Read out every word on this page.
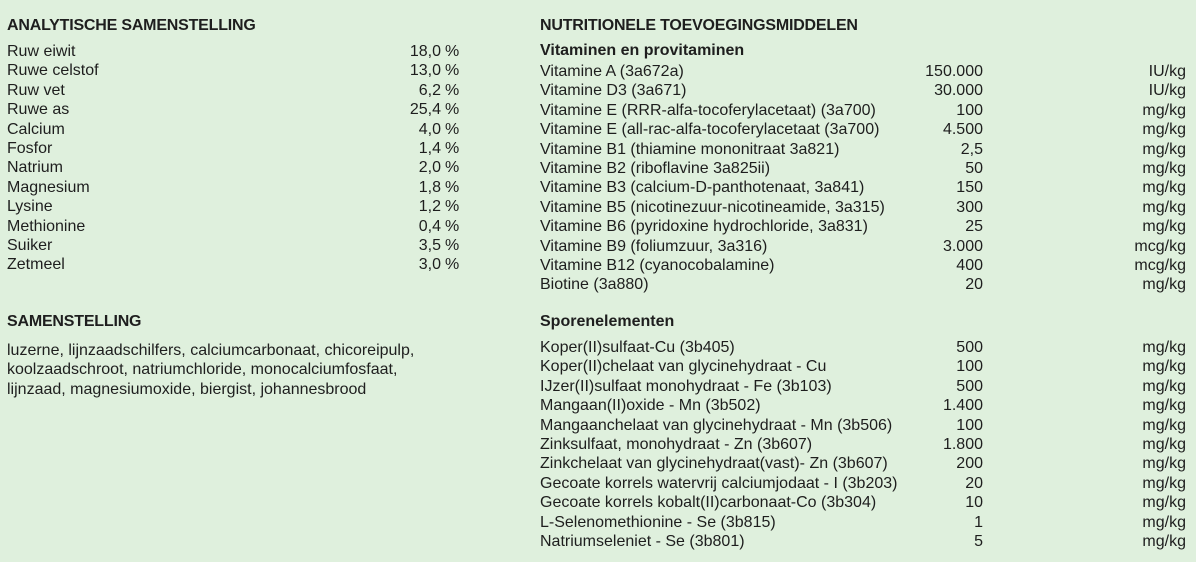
ANALYTISCHE SAMENSTELLING
Ruw eiwit	18,0 %
Ruwe celstof	13,0 %
Ruw vet	6,2 %
Ruwe as	25,4 %
Calcium	4,0 %
Fosfor	1,4 %
Natrium	2,0 %
Magnesium	1,8 %
Lysine	1,2 %
Methionine	0,4 %
Suiker	3,5 %
Zetmeel	3,0 %
SAMENSTELLING
luzerne, lijnzaadschilfers, calciumcarbonaat, chicoreipulp, koolzaadschroot, natriumchloride, monocalciumfosfaat, lijnzaad, magnesiumoxide, biergist, johannesbrood
NUTRITIONELE TOEVOEGINGSMIDDELEN
Vitaminen en provitaminen
Vitamine A (3a672a)	150.000	IU/kg
Vitamine D3 (3a671)	30.000	IU/kg
Vitamine E (RRR-alfa-tocoferylacetaat) (3a700)	100	mg/kg
Vitamine E (all-rac-alfa-tocoferylacetaat (3a700)	4.500	mg/kg
Vitamine B1 (thiamine mononitraat 3a821)	2,5	mg/kg
Vitamine B2 (riboflavine 3a825ii)	50	mg/kg
Vitamine B3 (calcium-D-panthotenaat, 3a841)	150	mg/kg
Vitamine B5 (nicotinezuur-nicotineamide, 3a315)	300	mg/kg
Vitamine B6 (pyridoxine hydrochloride, 3a831)	25	mg/kg
Vitamine B9 (foliumzuur, 3a316)	3.000	mcg/kg
Vitamine B12 (cyanocobalamine)	400	mcg/kg
Biotine (3a880)	20	mg/kg
Sporenelementen
Koper(II)sulfaat-Cu (3b405)	500	mg/kg
Koper(II)chelaat van glycinehydraat - Cu	100	mg/kg
IJzer(II)sulfaat monohydraat - Fe (3b103)	500	mg/kg
Mangaan(II)oxide - Mn (3b502)	1.400	mg/kg
Mangaanchelaat van glycinehydraat - Mn (3b506)	100	mg/kg
Zinksulfaat, monohydraat - Zn (3b607)	1.800	mg/kg
Zinkchelaat van glycinehydraat(vast)- Zn (3b607)	200	mg/kg
Gecoate korrels watervrij calciumjodaat - I (3b203)	20	mg/kg
Gecoate korrels kobalt(II)carbonaat-Co (3b304)	10	mg/kg
L-Selenomethionine - Se (3b815)	1	mg/kg
Natriumseleniet - Se (3b801)	5	mg/kg
